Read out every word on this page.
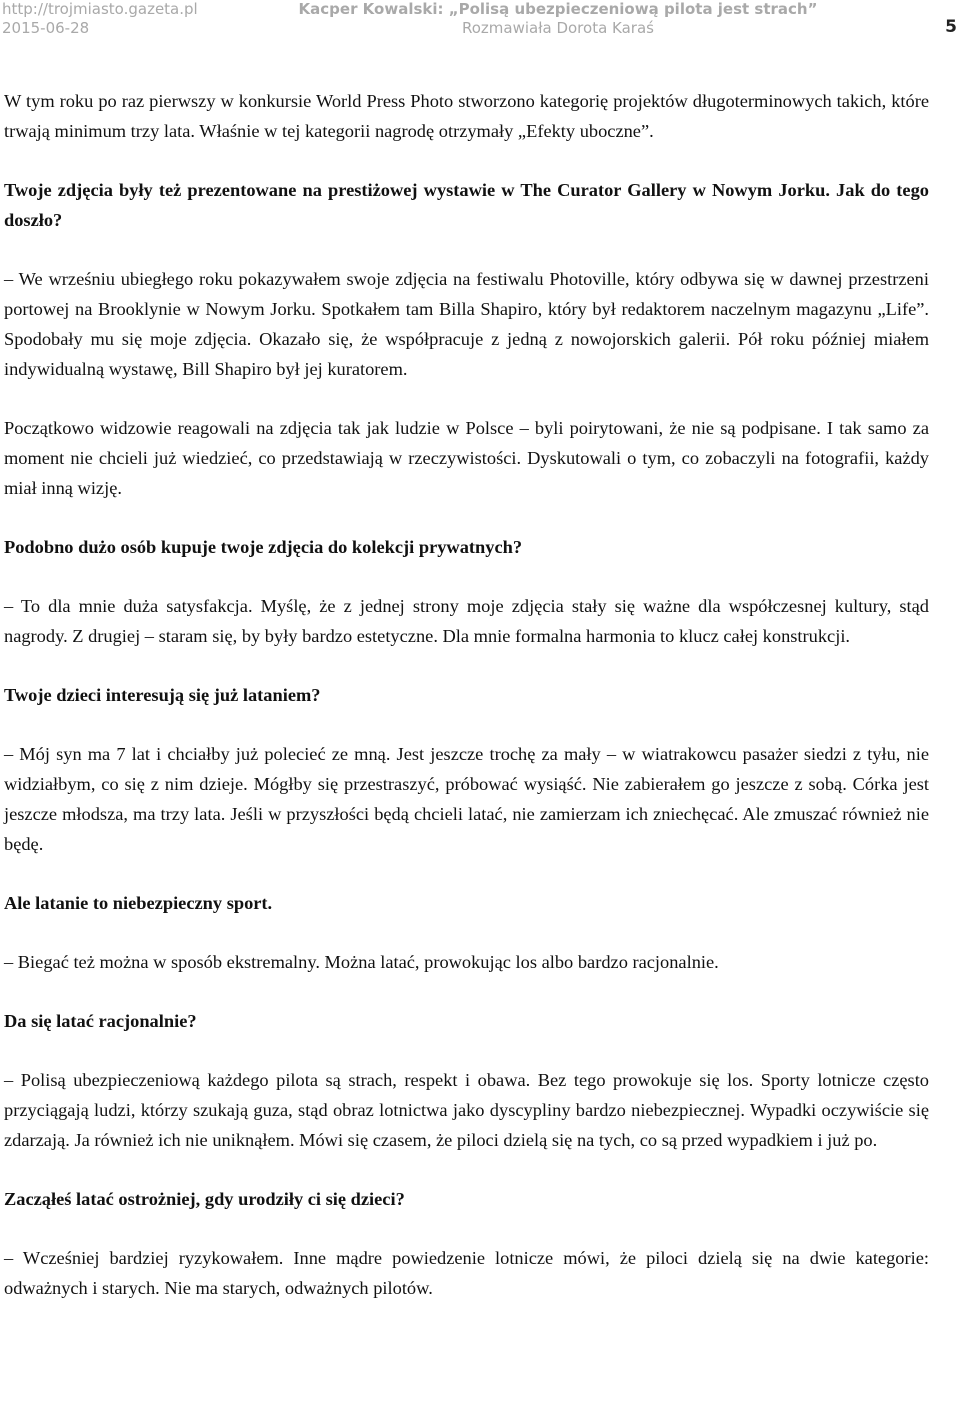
http://trojmiasto.gazeta.pl
2015-06-28
Kacper Kowalski: „Polisą ubezpieczeniową pilota jest strach”
Rozmawiała Dorota Karaś	5

W tym roku po raz pierwszy w konkursie World Press Photo stworzono kategorię projektów długoterminowych takich, które trwają minimum trzy lata. Właśnie w tej kategorii nagrodę otrzymały „Efekty uboczne”.

Twoje zdjęcia były też prezentowane na prestiżowej wystawie w The Curator Gallery w Nowym Jorku. Jak do tego doszło?

– We wrześniu ubiegłego roku pokazywałem swoje zdjęcia na festiwalu Photoville, który odbywa się w dawnej przestrzeni portowej na Brooklynie w Nowym Jorku. Spotkałem tam Billa Shapiro, który był redaktorem naczelnym magazynu „Life”. Spodobały mu się moje zdjęcia. Okazało się, że współpracuje z jedną z nowojorskich galerii. Pół roku później miałem indywidualną wystawę, Bill Shapiro był jej kuratorem.

Początkowo widzowie reagowali na zdjęcia tak jak ludzie w Polsce – byli poirytowani, że nie są podpisane. I tak samo za moment nie chcieli już wiedzieć, co przedstawiają w rzeczywistości. Dyskutowali o tym, co zobaczyli na fotografii, każdy miał inną wizję.

Podobno dużo osób kupuje twoje zdjęcia do kolekcji prywatnych?

– To dla mnie duża satysfakcja. Myślę, że z jednej strony moje zdjęcia stały się ważne dla współczesnej kultury, stąd nagrody. Z drugiej – staram się, by były bardzo estetyczne. Dla mnie formalna harmonia to klucz całej konstrukcji.

Twoje dzieci interesują się już lataniem?

– Mój syn ma 7 lat i chciałby już polecieć ze mną. Jest jeszcze trochę za mały – w wiatrakowcu pasażer siedzi z tyłu, nie widziałbym, co się z nim dzieje. Mógłby się przestraszyć, próbować wysiąść. Nie zabierałem go jeszcze z sobą. Córka jest jeszcze młodsza, ma trzy lata. Jeśli w przyszłości będą chcieli latać, nie zamierzam ich zniechęcać. Ale zmuszać również nie będę.

Ale latanie to niebezpieczny sport.

– Biegać też można w sposób ekstremalny. Można latać, prowokując los albo bardzo racjonalnie.

Da się latać racjonalnie?

– Polisą ubezpieczeniową każdego pilota są strach, respekt i obawa. Bez tego prowokuje się los. Sporty lotnicze często przyciągają ludzi, którzy szukają guza, stąd obraz lotnictwa jako dyscypliny bardzo niebezpiecznej. Wypadki oczywiście się zdarzają. Ja również ich nie uniknąłem. Mówi się czasem, że piloci dzielą się na tych, co są przed wypadkiem i już po.

Zacząłeś latać ostrożniej, gdy urodziły ci się dzieci?

– Wcześniej bardziej ryzykowałem. Inne mądre powiedzenie lotnicze mówi, że piloci dzielą się na dwie kategorie: odważnych i starych. Nie ma starych, odważnych pilotów.
